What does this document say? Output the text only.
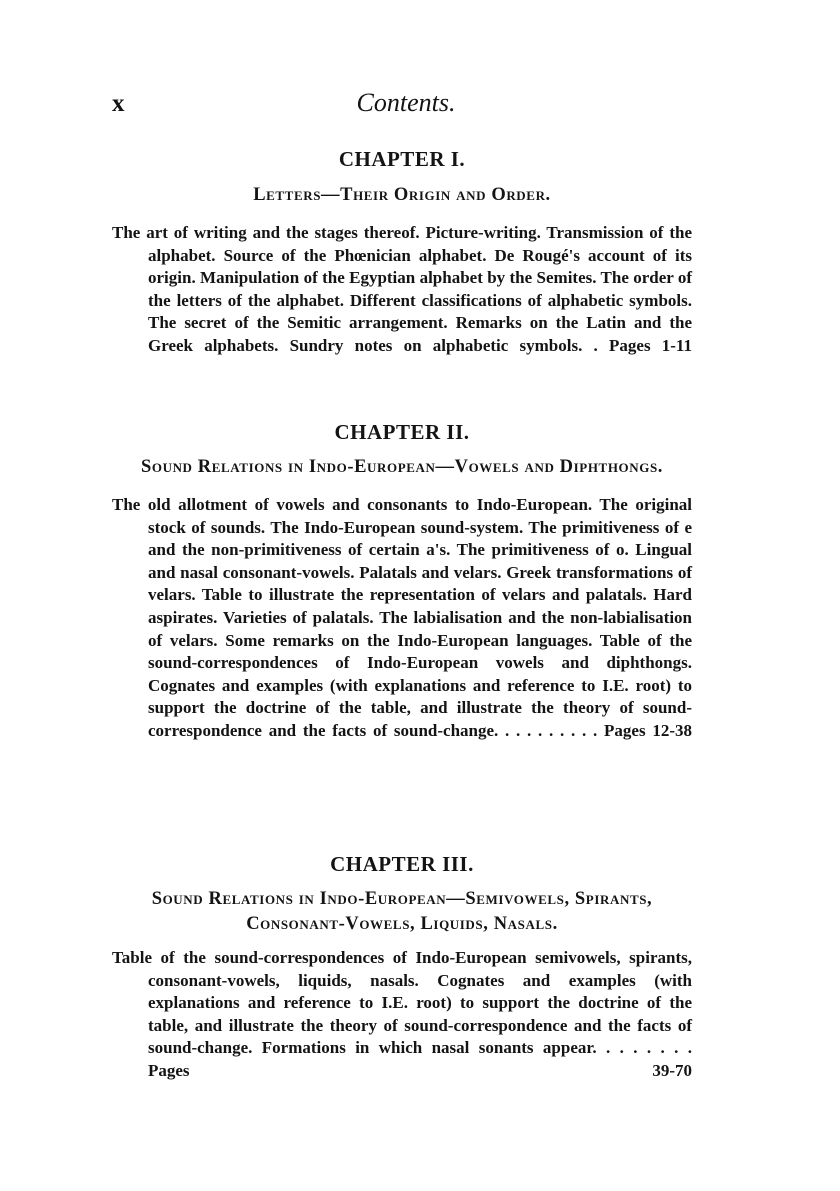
x	Contents.
CHAPTER I.
Letters—Their Origin and Order.

The art of writing and the stages thereof. Picture-writing. Transmission of the alphabet. Source of the Phœnician alphabet. De Rougé's account of its origin. Manipulation of the Egyptian alphabet by the Semites. The order of the letters of the alphabet. Different classifications of alphabetic symbols. The secret of the Semitic arrangement. Remarks on the Latin and the Greek alphabets. Sundry notes on alphabetic symbols. . Pages 1-11

CHAPTER II.
Sound Relations in Indo-European—Vowels and Diphthongs.

The old allotment of vowels and consonants to Indo-European. The original stock of sounds. The Indo-European sound-system. The primitiveness of e and the non-primitiveness of certain a's. The primitiveness of o. Lingual and nasal consonant-vowels. Palatals and velars. Greek transformations of velars. Table to illustrate the representation of velars and palatals. Hard aspirates. Varieties of palatals. The labialisation and the non-labialisation of velars. Some remarks on the Indo-European languages. Table of the sound-correspondences of Indo-European vowels and diphthongs. Cognates and examples (with explanations and reference to I.E. root) to support the doctrine of the table, and illustrate the theory of sound-correspondence and the facts of sound-change. . . . . . . . . . Pages 12-38

CHAPTER III.
Sound Relations in Indo-European—Semivowels, Spirants, Consonant-Vowels, Liquids, Nasals.

Table of the sound-correspondences of Indo-European semivowels, spirants, consonant-vowels, liquids, nasals. Cognates and examples (with explanations and reference to I.E. root) to support the doctrine of the table, and illustrate the theory of sound-correspondence and the facts of sound-change. Formations in which nasal sonants appear. . . . . . . . Pages 39-70
